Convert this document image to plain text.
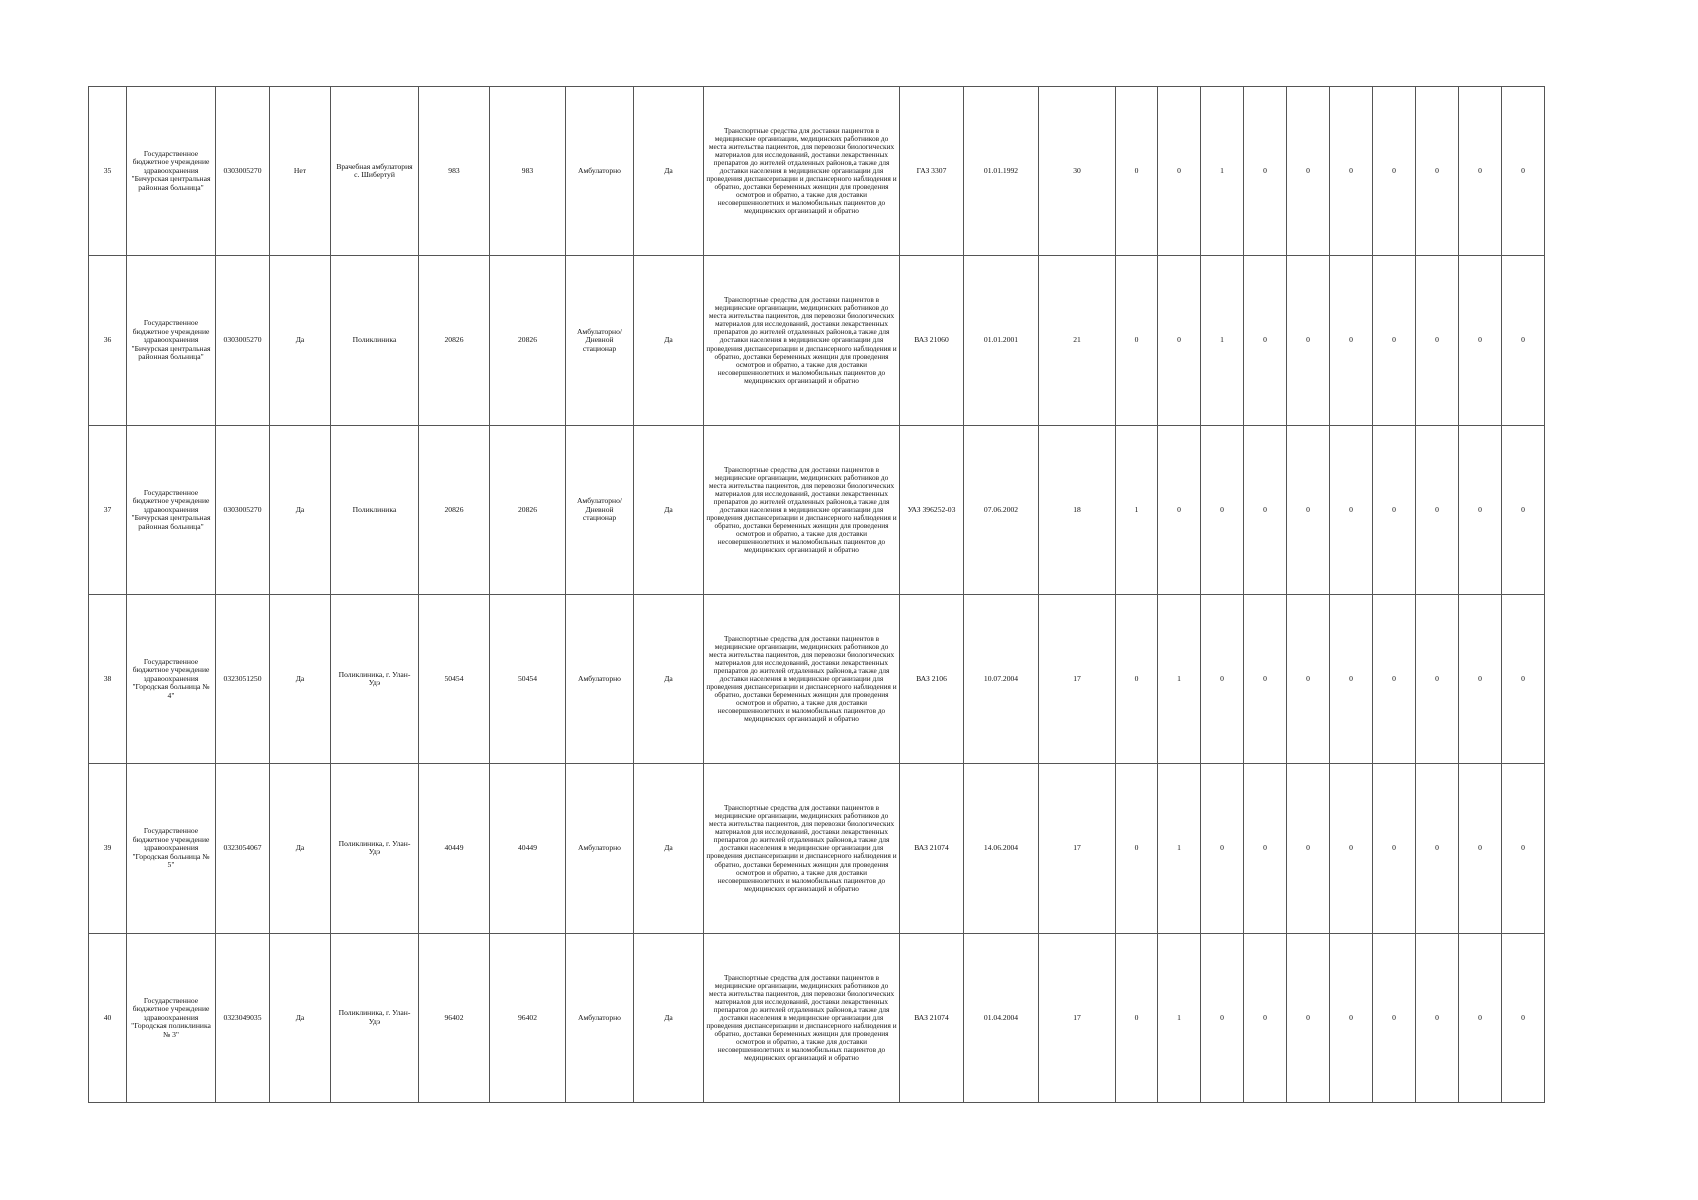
35	Государственное бюджетное учреждение здравоохранения "Бичурская центральная районная больница"	0303005270	Нет	Врачебная амбулатория с. Шибертуй	983	983	Амбулаторно	Да	Транспортные средства для доставки пациентов в медицинские организации, медицинских работников до места жительства пациентов, для перевозки биологических материалов для исследований, доставки лекарственных препаратов до жителей отдаленных районов,а также для доставки населения в медицинские организации для проведения диспансеризации и диспансерного наблюдения и обратно, доставки беременных женщин для проведения осмотров и обратно, а также для доставки несовершеннолетних и маломобильных пациентов до медицинских организаций и обратно	ГАЗ 3307	01.01.1992	30	0	0	1	0	0	0	0	0	0	0
36	Государственное бюджетное учреждение здравоохранения "Бичурская центральная районная больница"	0303005270	Да	Поликлиника	20826	20826	Амбулаторно/Дневной стационар	Да	Транспортные средства для доставки пациентов в медицинские организации, медицинских работников до места жительства пациентов, для перевозки биологических материалов для исследований, доставки лекарственных препаратов до жителей отдаленных районов,а также для доставки населения в медицинские организации для проведения диспансеризации и диспансерного наблюдения и обратно, доставки беременных женщин для проведения осмотров и обратно, а также для доставки несовершеннолетних и маломобильных пациентов до медицинских организаций и обратно	ВАЗ 21060	01.01.2001	21	0	0	1	0	0	0	0	0	0	0
37	Государственное бюджетное учреждение здравоохранения "Бичурская центральная районная больница"	0303005270	Да	Поликлиника	20826	20826	Амбулаторно/Дневной стационар	Да	Транспортные средства для доставки пациентов в медицинские организации, медицинских работников до места жительства пациентов, для перевозки биологических материалов для исследований, доставки лекарственных препаратов до жителей отдаленных районов,а также для доставки населения в медицинские организации для проведения диспансеризации и диспансерного наблюдения и обратно, доставки беременных женщин для проведения осмотров и обратно, а также для доставки несовершеннолетних и маломобильных пациентов до медицинских организаций и обратно	УАЗ 396252-03	07.06.2002	18	1	0	0	0	0	0	0	0	0	0
38	Государственное бюджетное учреждение здравоохранения "Городская больница № 4"	0323051250	Да	Поликлиника, г. Улан-Удэ	50454	50454	Амбулаторно	Да	Транспортные средства для доставки пациентов в медицинские организации, медицинских работников до места жительства пациентов, для перевозки биологических материалов для исследований, доставки лекарственных препаратов до жителей отдаленных районов,а также для доставки населения в медицинские организации для проведения диспансеризации и диспансерного наблюдения и обратно, доставки беременных женщин для проведения осмотров и обратно, а также для доставки несовершеннолетних и маломобильных пациентов до медицинских организаций и обратно	ВАЗ 2106	10.07.2004	17	0	1	0	0	0	0	0	0	0	0
39	Государственное бюджетное учреждение здравоохранения "Городская больница № 5"	0323054067	Да	Поликлиника, г. Улан-Удэ	40449	40449	Амбулаторно	Да	Транспортные средства для доставки пациентов в медицинские организации, медицинских работников до места жительства пациентов, для перевозки биологических материалов для исследований, доставки лекарственных препаратов до жителей отдаленных районов,а также для доставки населения в медицинские организации для проведения диспансеризации и диспансерного наблюдения и обратно, доставки беременных женщин для проведения осмотров и обратно, а также для доставки несовершеннолетних и маломобильных пациентов до медицинских организаций и обратно	ВАЗ 21074	14.06.2004	17	0	1	0	0	0	0	0	0	0	0
40	Государственное бюджетное учреждение здравоохранения "Городская поликлиника № 3"	0323049035	Да	Поликлиника, г. Улан-Удэ	96402	96402	Амбулаторно	Да	Транспортные средства для доставки пациентов в медицинские организации, медицинских работников до места жительства пациентов, для перевозки биологических материалов для исследований, доставки лекарственных препаратов до жителей отдаленных районов,а также для доставки населения в медицинские организации для проведения диспансеризации и диспансерного наблюдения и обратно, доставки беременных женщин для проведения осмотров и обратно, а также для доставки несовершеннолетних и маломобильных пациентов до медицинских организаций и обратно	ВАЗ 21074	01.04.2004	17	0	1	0	0	0	0	0	0	0	0
